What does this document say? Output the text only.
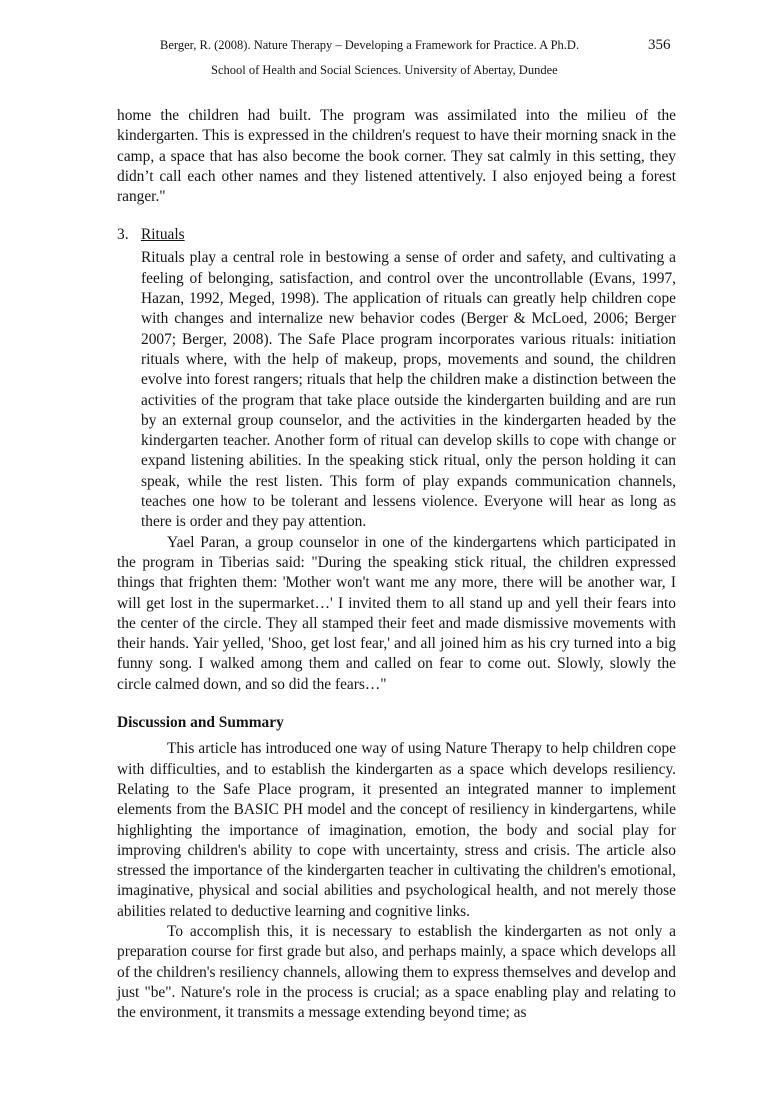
Berger, R. (2008). Nature Therapy – Developing a Framework for Practice. A Ph.D.	356
School of Health and Social Sciences. University of Abertay, Dundee

home the children had built. The program was assimilated into the milieu of the kindergarten. This is expressed in the children's request to have their morning snack in the camp, a space that has also become the book corner. They sat calmly in this setting, they didn’t call each other names and they listened attentively. I also enjoyed being a forest ranger."

3. Rituals

Rituals play a central role in bestowing a sense of order and safety, and cultivating a feeling of belonging, satisfaction, and control over the uncontrollable (Evans, 1997, Hazan, 1992, Meged, 1998). The application of rituals can greatly help children cope with changes and internalize new behavior codes (Berger & McLoed, 2006; Berger 2007; Berger, 2008). The Safe Place program incorporates various rituals: initiation rituals where, with the help of makeup, props, movements and sound, the children evolve into forest rangers; rituals that help the children make a distinction between the activities of the program that take place outside the kindergarten building and are run by an external group counselor, and the activities in the kindergarten headed by the kindergarten teacher. Another form of ritual can develop skills to cope with change or expand listening abilities. In the speaking stick ritual, only the person holding it can speak, while the rest listen. This form of play expands communication channels, teaches one how to be tolerant and lessens violence. Everyone will hear as long as there is order and they pay attention.

Yael Paran, a group counselor in one of the kindergartens which participated in the program in Tiberias said: "During the speaking stick ritual, the children expressed things that frighten them: 'Mother won't want me any more, there will be another war, I will get lost in the supermarket…' I invited them to all stand up and yell their fears into the center of the circle. They all stamped their feet and made dismissive movements with their hands. Yair yelled, 'Shoo, get lost fear,' and all joined him as his cry turned into a big funny song. I walked among them and called on fear to come out. Slowly, slowly the circle calmed down, and so did the fears…"

Discussion and Summary

This article has introduced one way of using Nature Therapy to help children cope with difficulties, and to establish the kindergarten as a space which develops resiliency. Relating to the Safe Place program, it presented an integrated manner to implement elements from the BASIC PH model and the concept of resiliency in kindergartens, while highlighting the importance of imagination, emotion, the body and social play for improving children's ability to cope with uncertainty, stress and crisis. The article also stressed the importance of the kindergarten teacher in cultivating the children's emotional, imaginative, physical and social abilities and psychological health, and not merely those abilities related to deductive learning and cognitive links.

To accomplish this, it is necessary to establish the kindergarten as not only a preparation course for first grade but also, and perhaps mainly, a space which develops all of the children's resiliency channels, allowing them to express themselves and develop and just "be". Nature's role in the process is crucial; as a space enabling play and relating to the environment, it transmits a message extending beyond time; as
